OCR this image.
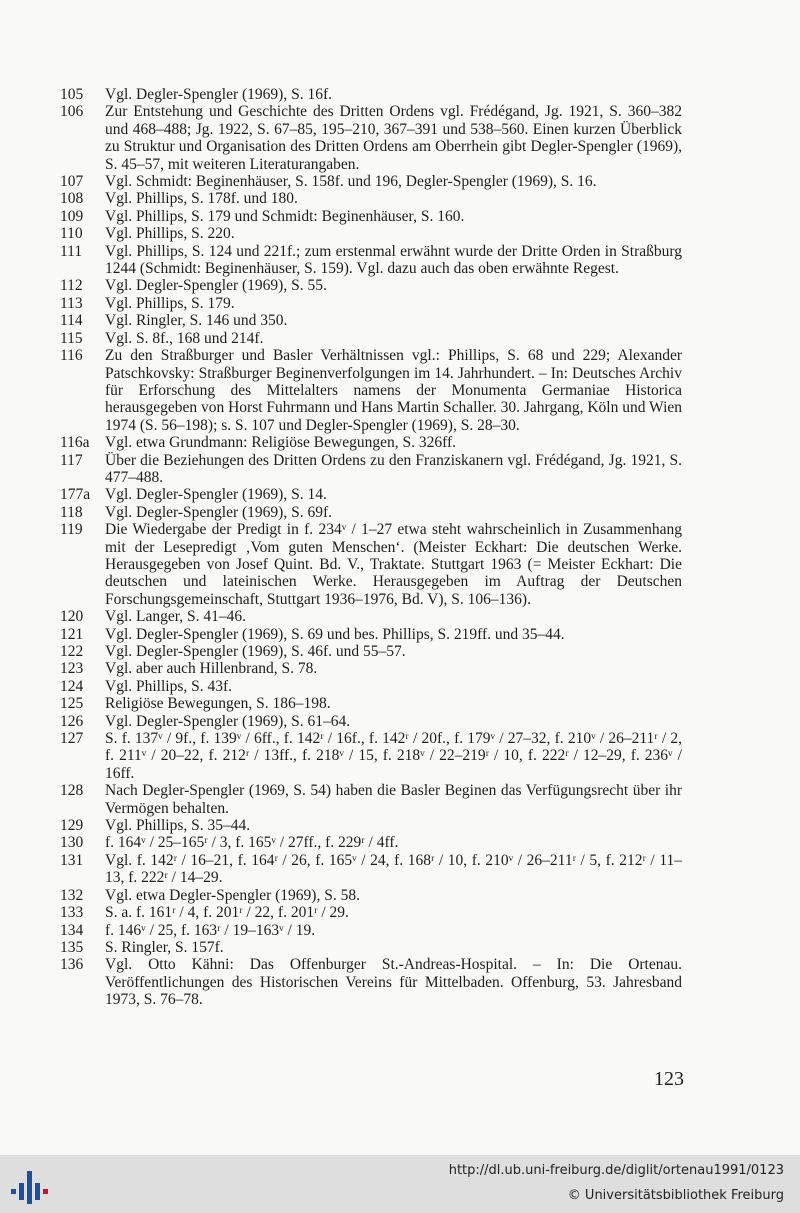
105	Vgl. Degler-Spengler (1969), S. 16f.
106	Zur Entstehung und Geschichte des Dritten Ordens vgl. Frédégand, Jg. 1921, S. 360–382 und 468–488; Jg. 1922, S. 67–85, 195–210, 367–391 und 538–560. Einen kurzen Überblick zu Struktur und Organisation des Dritten Ordens am Oberrhein gibt Degler-Spengler (1969), S. 45–57, mit weiteren Literaturangaben.
107	Vgl. Schmidt: Beginenhäuser, S. 158f. und 196, Degler-Spengler (1969), S. 16.
108	Vgl. Phillips, S. 178f. und 180.
109	Vgl. Phillips, S. 179 und Schmidt: Beginenhäuser, S. 160.
110	Vgl. Phillips, S. 220.
111	Vgl. Phillips, S. 124 und 221f.; zum erstenmal erwähnt wurde der Dritte Orden in Straßburg 1244 (Schmidt: Beginenhäuser, S. 159). Vgl. dazu auch das oben erwähnte Regest.
112	Vgl. Degler-Spengler (1969), S. 55.
113	Vgl. Phillips, S. 179.
114	Vgl. Ringler, S. 146 und 350.
115	Vgl. S. 8f., 168 und 214f.
116	Zu den Straßburger und Basler Verhältnissen vgl.: Phillips, S. 68 und 229; Alexander Patschkovsky: Straßburger Beginenverfolgungen im 14. Jahrhundert. – In: Deutsches Archiv für Erforschung des Mittelalters namens der Monumenta Germaniae Historica herausgegeben von Horst Fuhrmann und Hans Martin Schaller. 30. Jahrgang, Köln und Wien 1974 (S. 56–198); s. S. 107 und Degler-Spengler (1969), S. 28–30.
116a Vgl. etwa Grundmann: Religiöse Bewegungen, S. 326ff.
117	Über die Beziehungen des Dritten Ordens zu den Franziskanern vgl. Frédégand, Jg. 1921, S. 477–488.
177a Vgl. Degler-Spengler (1969), S. 14.
118	Vgl. Degler-Spengler (1969), S. 69f.
119	Die Wiedergabe der Predigt in f. 234ᵛ / 1–27 etwa steht wahrscheinlich in Zusammenhang mit der Lesepredigt ‚Vom guten Menschen‘. (Meister Eckhart: Die deutschen Werke. Herausgegeben von Josef Quint. Bd. V., Traktate. Stuttgart 1963 (= Meister Eckhart: Die deutschen und lateinischen Werke. Herausgegeben im Auftrag der Deutschen Forschungsgemeinschaft, Stuttgart 1936–1976, Bd. V), S. 106–136).
120	Vgl. Langer, S. 41–46.
121	Vgl. Degler-Spengler (1969), S. 69 und bes. Phillips, S. 219ff. und 35–44.
122	Vgl. Degler-Spengler (1969), S. 46f. und 55–57.
123	Vgl. aber auch Hillenbrand, S. 78.
124	Vgl. Phillips, S. 43f.
125	Religiöse Bewegungen, S. 186–198.
126	Vgl. Degler-Spengler (1969), S. 61–64.
127	S. f. 137ᵛ / 9f., f. 139ᵛ / 6ff., f. 142ʳ / 16f., f. 142ʳ / 20f., f. 179ᵛ / 27–32, f. 210ᵛ / 26–211ʳ / 2, f. 211ᵛ / 20–22, f. 212ʳ / 13ff., f. 218ᵛ / 15, f. 218ᵛ / 22–219ʳ / 10, f. 222ʳ / 12–29, f. 236ᵛ / 16ff.
128	Nach Degler-Spengler (1969, S. 54) haben die Basler Beginen das Verfügungsrecht über ihr Vermögen behalten.
129	Vgl. Phillips, S. 35–44.
130	f. 164ᵛ / 25–165ʳ / 3, f. 165ᵛ / 27ff., f. 229ʳ / 4ff.
131	Vgl. f. 142ʳ / 16–21, f. 164ʳ / 26, f. 165ᵛ / 24, f. 168ʳ / 10, f. 210ᵛ / 26–211ʳ / 5, f. 212ʳ / 11–13, f. 222ʳ / 14–29.
132	Vgl. etwa Degler-Spengler (1969), S. 58.
133	S. a. f. 161ʳ / 4, f. 201ʳ / 22, f. 201ʳ / 29.
134	f. 146ᵛ / 25, f. 163ʳ / 19–163ᵛ / 19.
135	S. Ringler, S. 157f.
136	Vgl. Otto Kähni: Das Offenburger St.-Andreas-Hospital. – In: Die Ortenau. Veröffentlichungen des Historischen Vereins für Mittelbaden. Offenburg, 53. Jahresband 1973, S. 76–78.
123
http://dl.ub.uni-freiburg.de/diglit/ortenau1991/0123
© Universitätsbibliothek Freiburg
